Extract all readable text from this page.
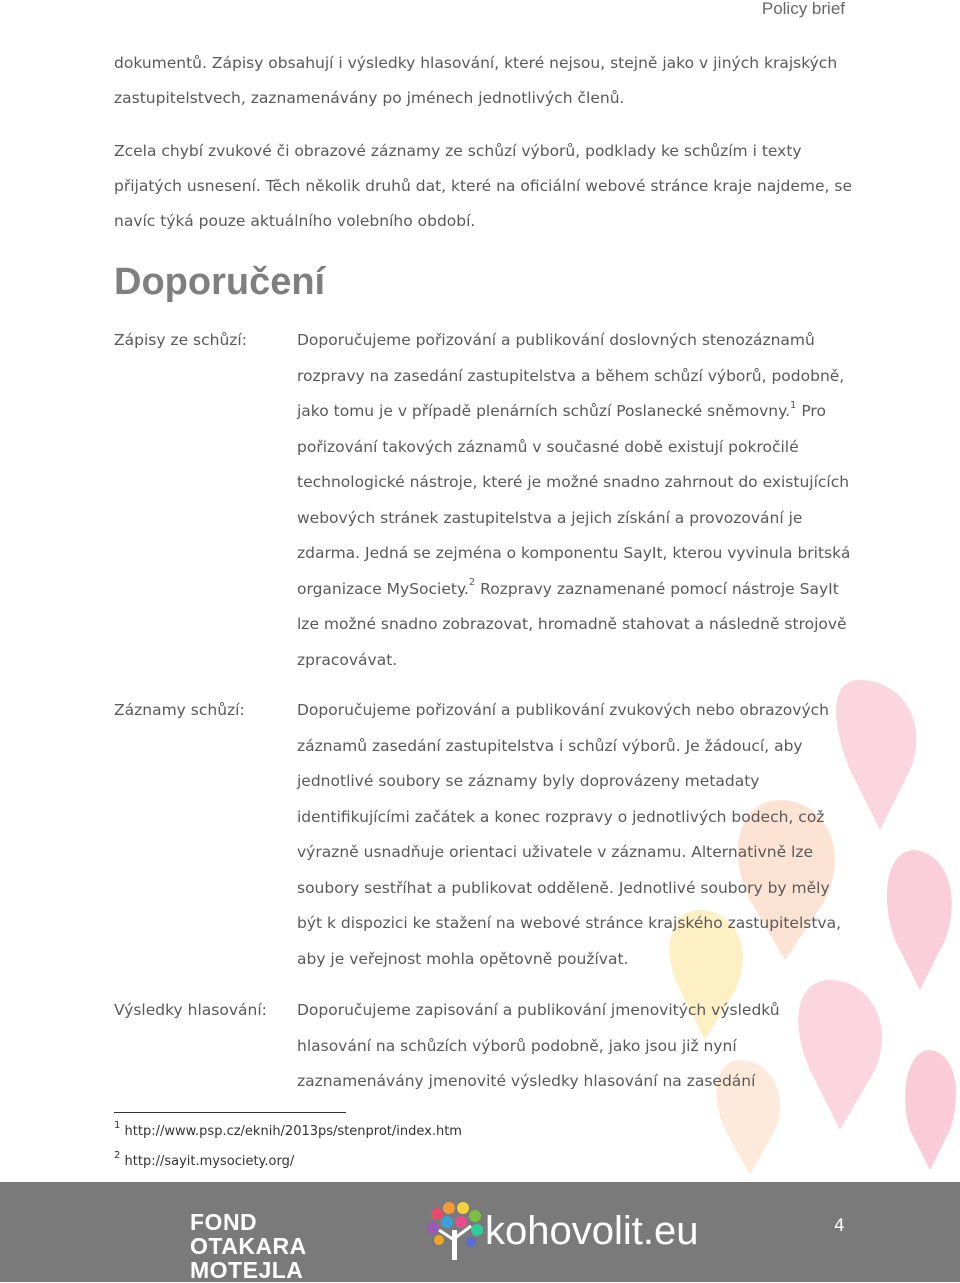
Policy brief
dokumentů. Zápisy obsahují i výsledky hlasování, které nejsou, stejně jako v jiných krajských zastupitelstvech, zaznamenávány po jménech jednotlivých členů.
Zcela chybí zvukové či obrazové záznamy ze schůzí výborů, podklady ke schůzím i texty přijatých usnesení. Těch několik druhů dat, které na oficiální webové stránce kraje najdeme, se navíc týká pouze aktuálního volebního období.
Doporučení
Zápisy ze schůzí:	Doporučujeme pořizování a publikování doslovných stenozáznamů rozpravy na zasedání zastupitelstva a během schůzí výborů, podobně, jako tomu je v případě plenárních schůzí Poslanecké sněmovny.$^1$ Pro pořizování takových záznamů v současné době existují pokročilé technologické nástroje, které je možné snadno zahrnout do existujících webových stránek zastupitelstva a jejich získání a provozování je zdarma. Jedná se zejména o komponentu SayIt, kterou vyvinula britská organizace MySociety.$^2$ Rozpravy zaznamenané pomocí nástroje SayIt lze možné snadno zobrazovat, hromadně stahovat a následně strojově zpracovávat.
Záznamy schůzí:	Doporučujeme pořizování a publikování zvukových nebo obrazových záznamů zasedání zastupitelstva i schůzí výborů. Je žádoucí, aby jednotlivé soubory se záznamy byly doprovázeny metadaty identifikujícími začátek a konec rozpravy o jednotlivých bodech, což výrazně usnadňuje orientaci uživatele v záznamu. Alternativně lze soubory sestříhat a publikovat odděleně. Jednotlivé soubory by měly být k dispozici ke stažení na webové stránce krajského zastupitelstva, aby je veřejnost mohla opětovně používat.
Výsledky hlasování: Doporučujeme zapisování a publikování jmenovitých výsledků hlasování na schůzích výborů podobně, jako jsou již nyní zaznamenávány jmenovité výsledky hlasování na zasedání
$^1$ http://www.psp.cz/eknih/2013ps/stenprot/index.htm
$^2$ http://sayit.mysociety.org/
FOND
OTAKARA
MOTEJLA
kohovolit.eu	4
